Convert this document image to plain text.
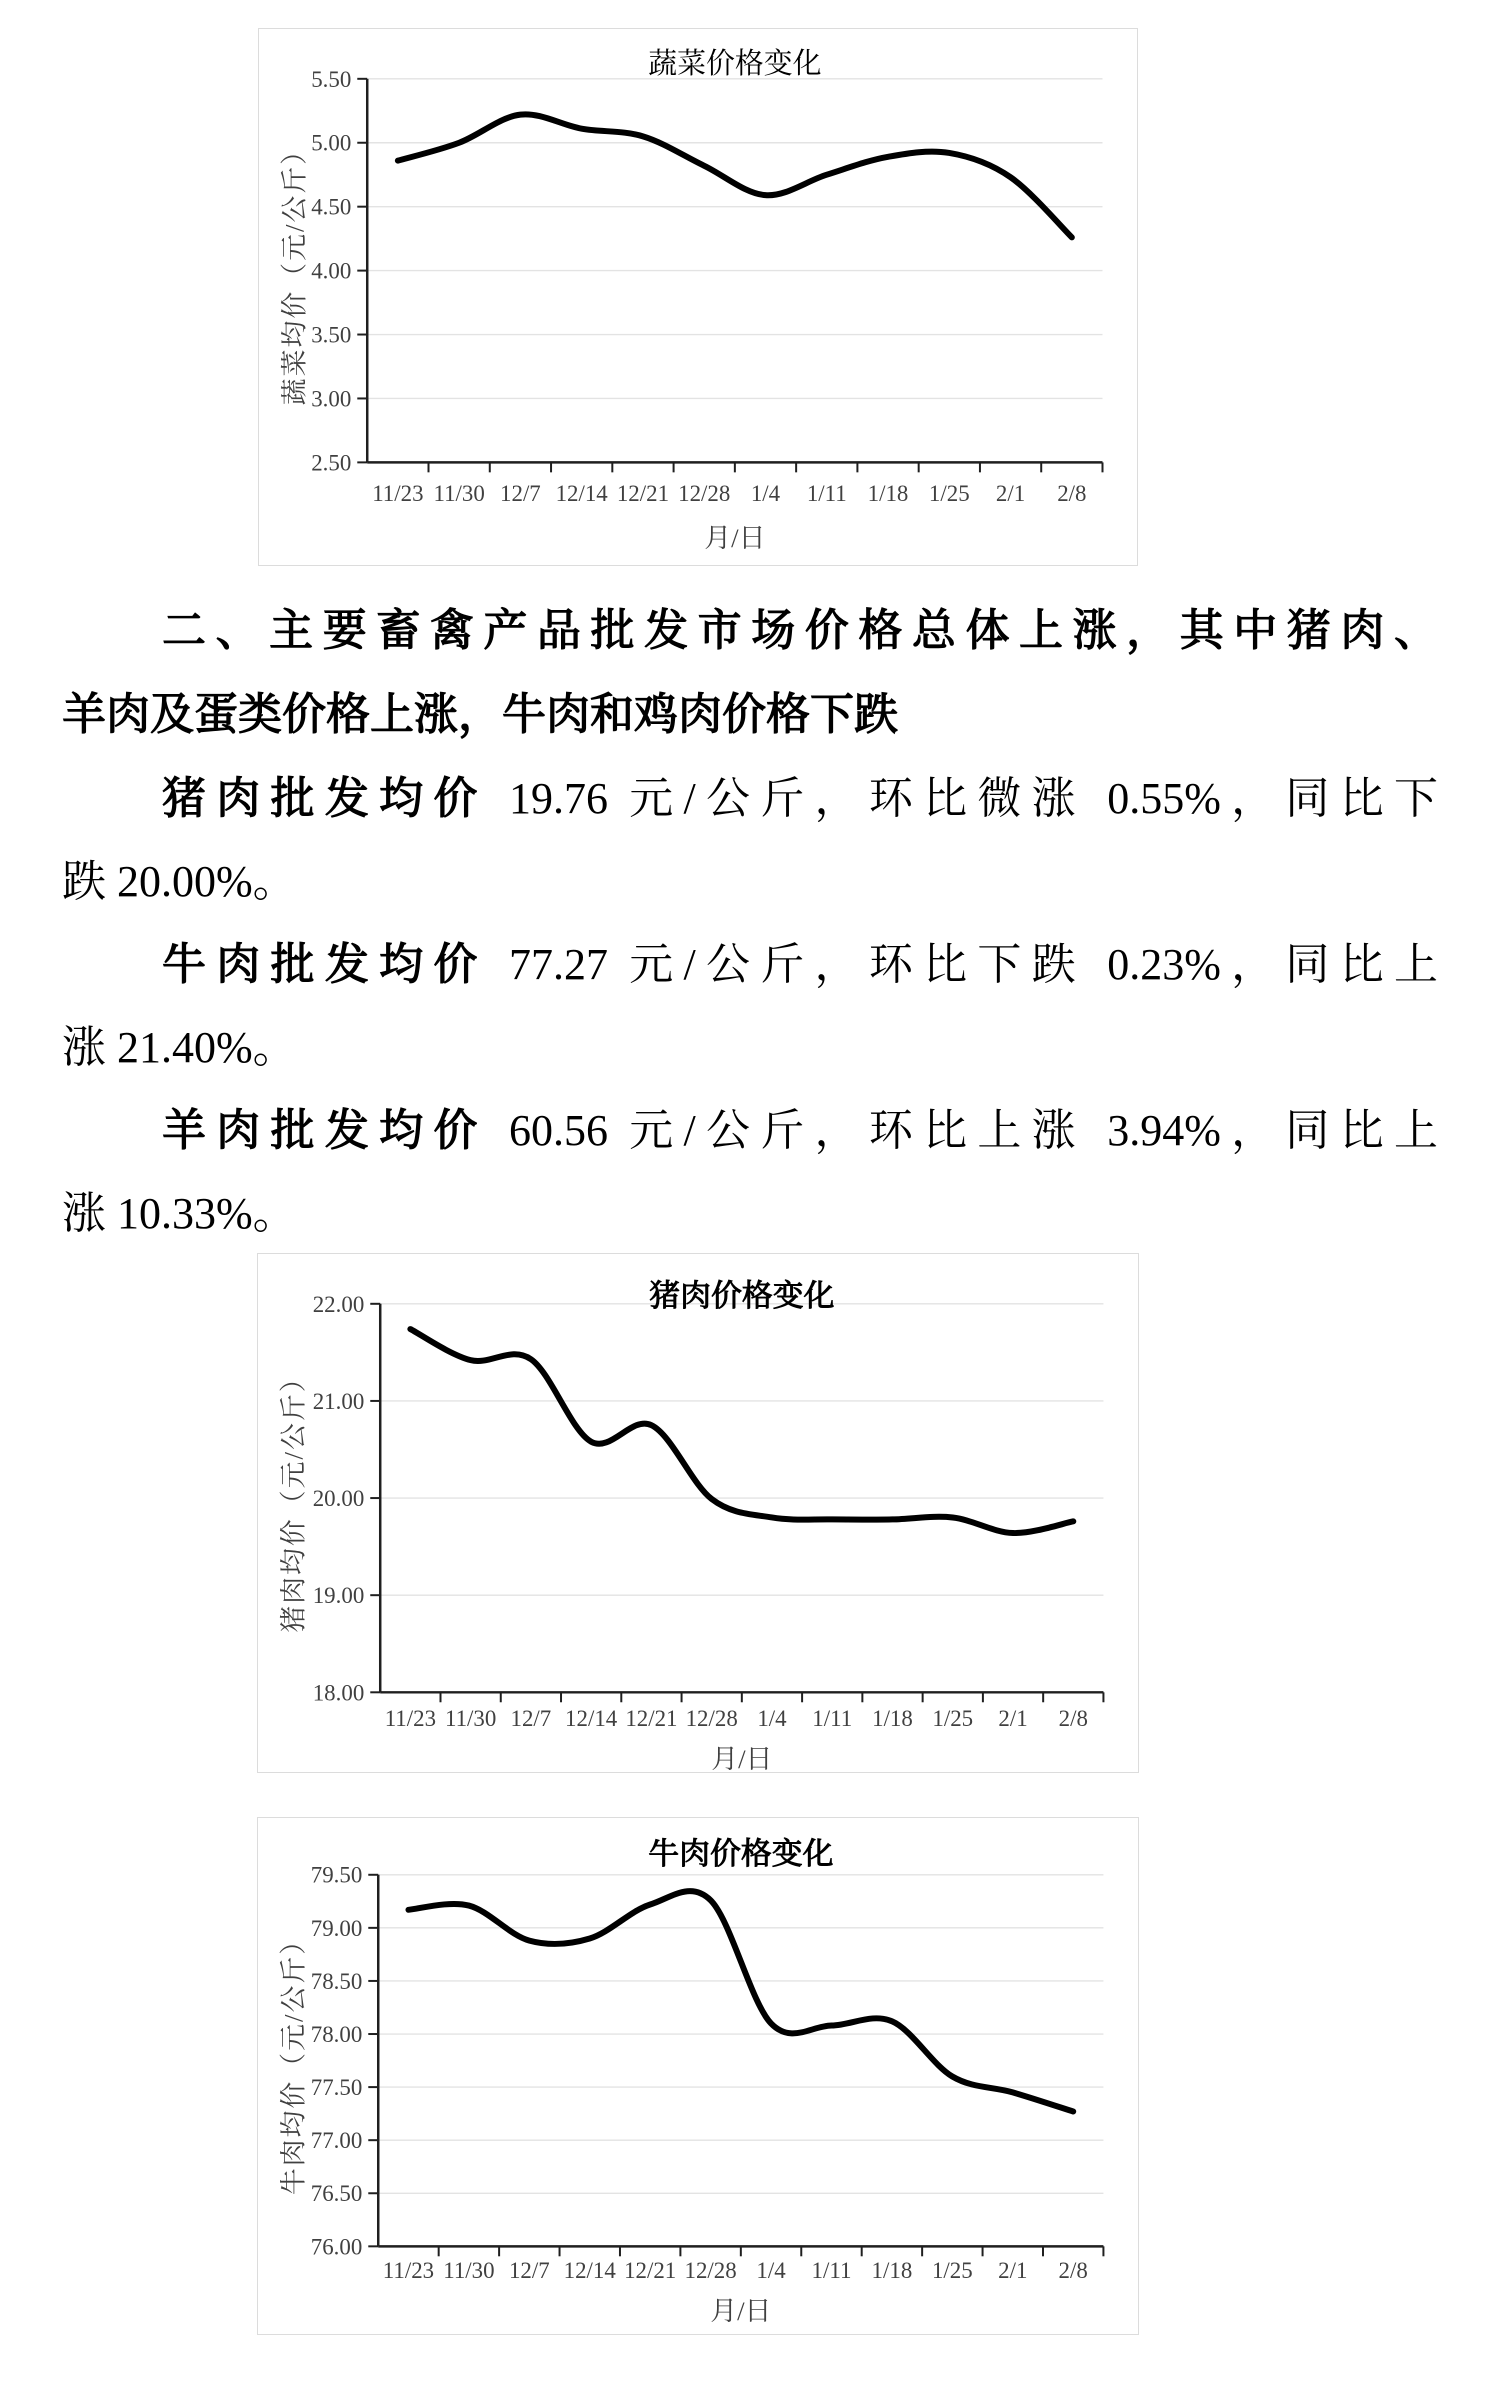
5.50
5.00
4.50
4.00
3.50
3.00
2.50
11/23 11/30 12/7 12/14 12/21 12/28 1/4 1/11 1/18 1/25 2/1 2/8
月/日
蔬菜均价（元/公斤）
蔬菜价格变化
二、主要畜禽产品批发市场价格总体上涨，其中猪肉、
羊肉及蛋类价格上涨，牛肉和鸡肉价格下跌
猪肉批发均价 19.76 元/公斤，环比微涨 0.55%，同比下
跌 20.00%。
牛肉批发均价 77.27 元/公斤，环比下跌 0.23%，同比上
涨 21.40%。
羊肉批发均价 60.56 元/公斤，环比上涨 3.94%，同比上
涨 10.33%。
22.00
21.00
20.00
19.00
18.00
11/23 11/30 12/7 12/14 12/21 12/28 1/4 1/11 1/18 1/25 2/1 2/8
月/日
猪肉均价（元/公斤）
猪肉价格变化
79.50
79.00
78.50
78.00
77.50
77.00
76.50
76.00
11/23 11/30 12/7 12/14 12/21 12/28 1/4 1/11 1/18 1/25 2/1 2/8
月/日
牛肉均价（元/公斤）
牛肉价格变化
